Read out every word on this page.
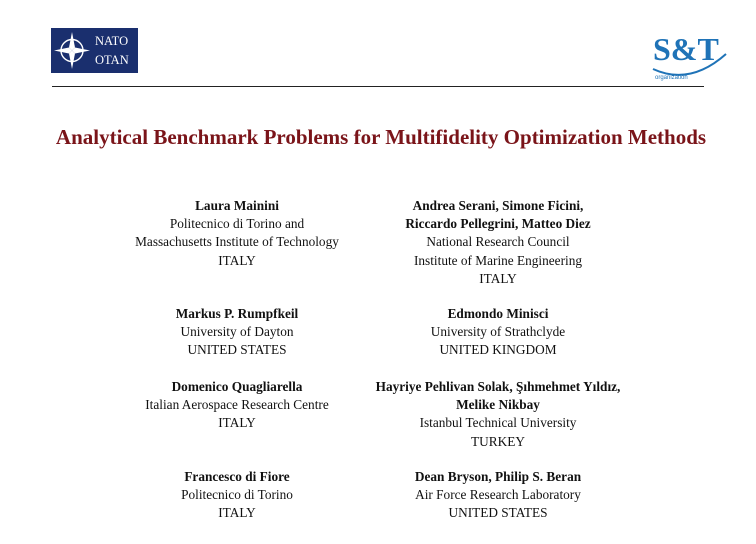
NATO
OTAN	S&T
organization
Analytical Benchmark Problems for Multifidelity Optimization Methods
Laura Mainini
Politecnico di Torino and
Massachusetts Institute of Technology
ITALY
Andrea Serani, Simone Ficini,
Riccardo Pellegrini, Matteo Diez
National Research Council
Institute of Marine Engineering
ITALY
Markus P. Rumpfkeil
University of Dayton
UNITED STATES
Edmondo Minisci
University of Strathclyde
UNITED KINGDOM
Domenico Quagliarella
Italian Aerospace Research Centre
ITALY
Hayriye Pehlivan Solak, Şıhmehmet Yıldız,
Melike Nikbay
Istanbul Technical University
TURKEY
Francesco di Fiore
Politecnico di Torino
ITALY
Dean Bryson, Philip S. Beran
Air Force Research Laboratory
UNITED STATES
